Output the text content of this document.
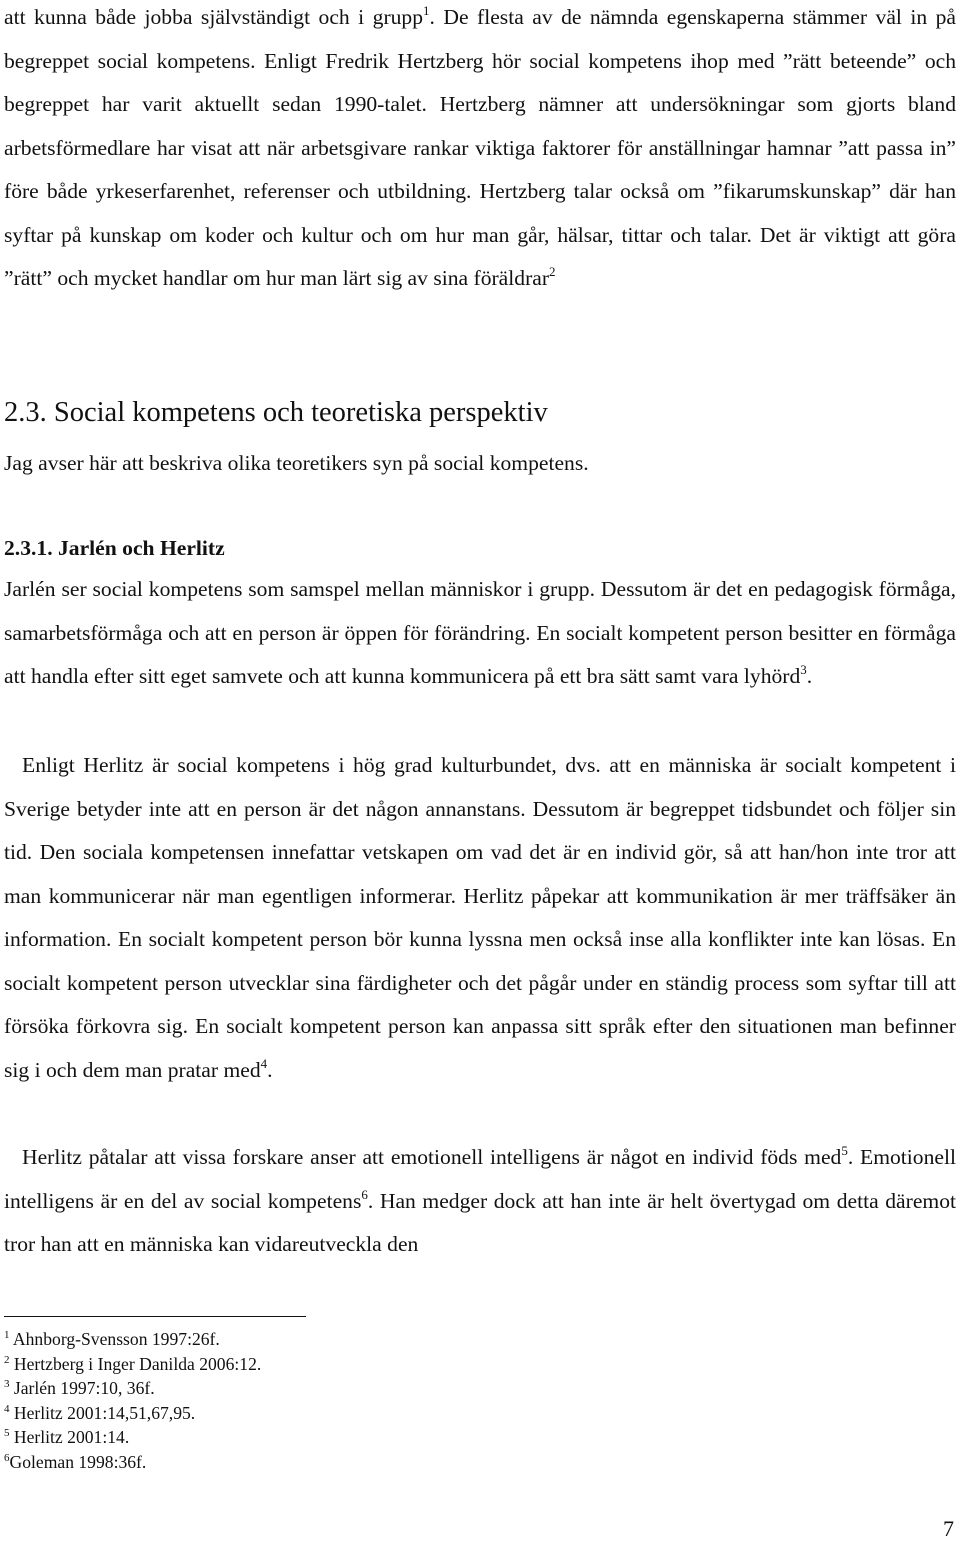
att kunna både jobba självständigt och i grupp$^1$. De flesta av de nämnda egenskaperna stämmer väl in på begreppet social kompetens. Enligt Fredrik Hertzberg hör social kompetens ihop med ”rätt beteende” och begreppet har varit aktuellt sedan 1990-talet. Hertzberg nämner att undersökningar som gjorts bland arbetsförmedlare har visat att när arbetsgivare rankar viktiga faktorer för anställningar hamnar ”att passa in” före både yrkeserfarenhet, referenser och utbildning. Hertzberg talar också om ”fikarumskunskap” där han syftar på kunskap om koder och kultur och om hur man går, hälsar, tittar och talar. Det är viktigt att göra ”rätt” och mycket handlar om hur man lärt sig av sina föräldrar$^2$

2.3. Social kompetens och teoretiska perspektiv

Jag avser här att beskriva olika teoretikers syn på social kompetens.

2.3.1. Jarlén och Herlitz

Jarlén ser social kompetens som samspel mellan människor i grupp. Dessutom är det en pedagogisk förmåga, samarbetsförmåga och att en person är öppen för förändring. En socialt kompetent person besitter en förmåga att handla efter sitt eget samvete och att kunna kommunicera på ett bra sätt samt vara lyhörd$^3$.

Enligt Herlitz är social kompetens i hög grad kulturbundet, dvs. att en människa är socialt kompetent i Sverige betyder inte att en person är det någon annanstans. Dessutom är begreppet tidsbundet och följer sin tid. Den sociala kompetensen innefattar vetskapen om vad det är en individ gör, så att han/hon inte tror att man kommunicerar när man egentligen informerar. Herlitz påpekar att kommunikation är mer träffsäker än information. En socialt kompetent person bör kunna lyssna men också inse alla konflikter inte kan lösas. En socialt kompetent person utvecklar sina färdigheter och det pågår under en ständig process som syftar till att försöka förkovra sig. En socialt kompetent person kan anpassa sitt språk efter den situationen man befinner sig i och dem man pratar med$^4$.

Herlitz påtalar att vissa forskare anser att emotionell intelligens är något en individ föds med$^5$. Emotionell intelligens är en del av social kompetens$^6$. Han medger dock att han inte är helt övertygad om detta däremot tror han att en människa kan vidareutveckla den

$^1$ Ahnborg-Svensson 1997:26f.
$^2$ Hertzberg i Inger Danilda 2006:12.
$^3$ Jarlén 1997:10, 36f.
$^4$ Herlitz 2001:14,51,67,95.
$^5$ Herlitz 2001:14.
$^6$Goleman 1998:36f.
7
